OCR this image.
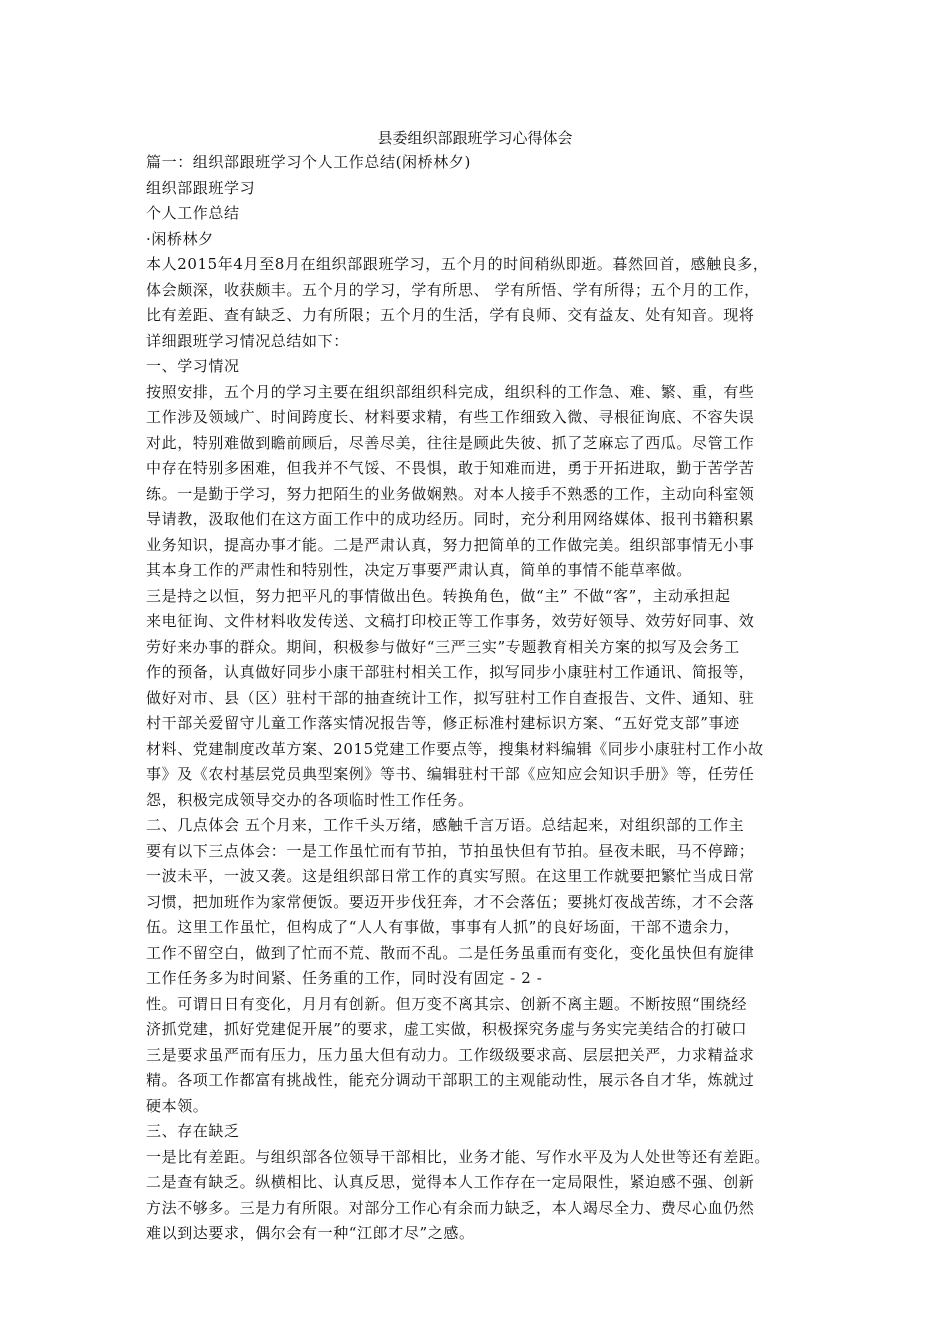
县委组织部跟班学习心得体会
篇一：组织部跟班学习个人工作总结(闲桥林夕)
组织部跟班学习
个人工作总结
·闲桥林夕
本人2015年4月至8月在组织部跟班学习，五个月的时间稍纵即逝。暮然回首，感触良多，
体会颇深，收获颇丰。五个月的学习，学有所思、 学有所悟、学有所得；五个月的工作，
比有差距、查有缺乏、力有所限；五个月的生活，学有良师、交有益友、处有知音。现将
详细跟班学习情况总结如下：
一、学习情况
按照安排，五个月的学习主要在组织部组织科完成，组织科的工作急、难、繁、重，有些
工作涉及领域广、时间跨度长、材料要求精，有些工作细致入微、寻根征询底、不容失误
对此，特别难做到瞻前顾后，尽善尽美，往往是顾此失彼、抓了芝麻忘了西瓜。尽管工作
中存在特别多困难，但我并不气馁、不畏惧，敢于知难而进，勇于开拓进取，勤于苦学苦
练。一是勤于学习，努力把陌生的业务做娴熟。对本人接手不熟悉的工作，主动向科室领
导请教，汲取他们在这方面工作中的成功经历。同时，充分利用网络媒体、报刊书籍积累
业务知识，提高办事才能。二是严肃认真，努力把简单的工作做完美。组织部事情无小事
其本身工作的严肃性和特别性，决定万事要严肃认真，简单的事情不能草率做。
三是持之以恒，努力把平凡的事情做出色。转换角色，做“主” 不做“客”，主动承担起
来电征询、文件材料收发传送、文稿打印校正等工作事务，效劳好领导、效劳好同事、效
劳好来办事的群众。期间，积极参与做好“三严三实”专题教育相关方案的拟写及会务工
作的预备，认真做好同步小康干部驻村相关工作，拟写同步小康驻村工作通讯、简报等，
做好对市、县（区）驻村干部的抽查统计工作，拟写驻村工作自查报告、文件、通知、驻
村干部关爱留守儿童工作落实情况报告等，修正标准村建标识方案、“五好党支部”事迹
材料、党建制度改革方案、2015党建工作要点等，搜集材料编辑《同步小康驻村工作小故
事》及《农村基层党员典型案例》等书、编辑驻村干部《应知应会知识手册》等，任劳任
怨，积极完成领导交办的各项临时性工作任务。
二、几点体会 五个月来，工作千头万绪，感触千言万语。总结起来，对组织部的工作主
要有以下三点体会：一是工作虽忙而有节拍，节拍虽快但有节拍。昼夜未眠，马不停蹄；
一波未平，一波又袭。这是组织部日常工作的真实写照。在这里工作就要把繁忙当成日常
习惯，把加班作为家常便饭。要迈开步伐狂奔，才不会落伍；要挑灯夜战苦练，才不会落
伍。这里工作虽忙，但构成了“人人有事做，事事有人抓”的良好场面，干部不遗余力，
工作不留空白，做到了忙而不荒、散而不乱。二是任务虽重而有变化，变化虽快但有旋律
工作任务多为时间紧、任务重的工作，同时没有固定 - 2 -
性。可谓日日有变化，月月有创新。但万变不离其宗、创新不离主题。不断按照“围绕经
济抓党建，抓好党建促开展”的要求，虚工实做，积极探究务虚与务实完美结合的打破口
三是要求虽严而有压力，压力虽大但有动力。工作级级要求高、层层把关严，力求精益求
精。各项工作都富有挑战性，能充分调动干部职工的主观能动性，展示各自才华，炼就过
硬本领。
三、存在缺乏
一是比有差距。与组织部各位领导干部相比，业务才能、写作水平及为人处世等还有差距。
二是查有缺乏。纵横相比、认真反思，觉得本人工作存在一定局限性，紧迫感不强、创新
方法不够多。三是力有所限。对部分工作心有余而力缺乏，本人竭尽全力、费尽心血仍然
难以到达要求，偶尔会有一种“江郎才尽”之感。
